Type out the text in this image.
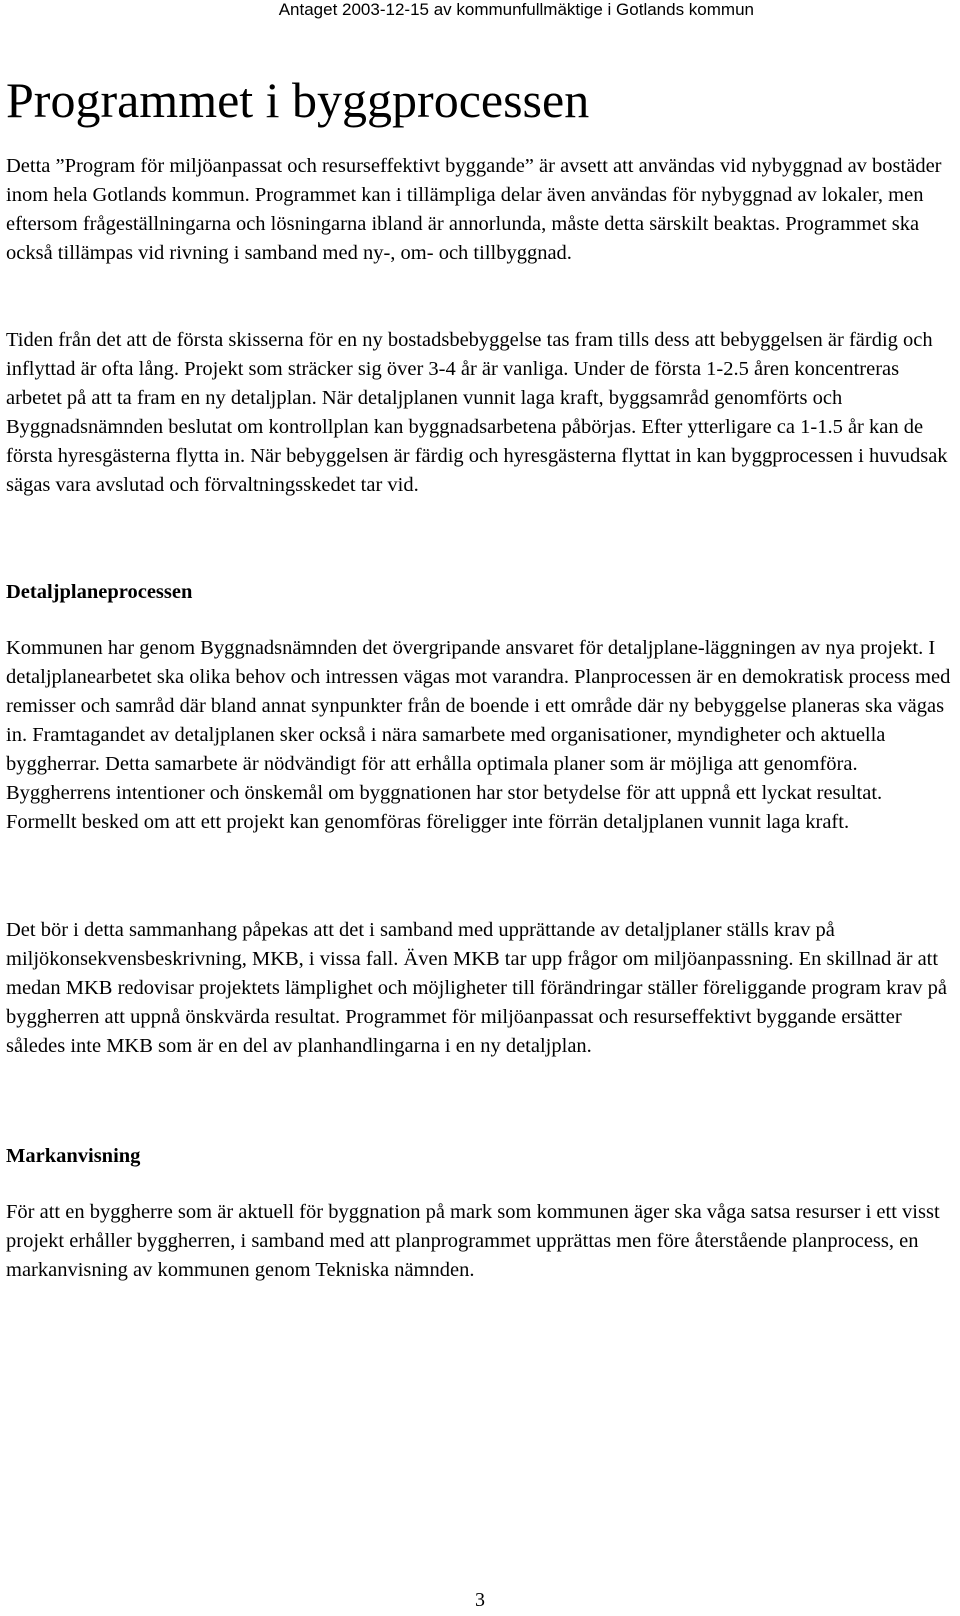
Antaget 2003-12-15 av kommunfullmäktige i Gotlands kommun
Programmet i byggprocessen

Detta ”Program för miljöanpassat och resurseffektivt byggande” är avsett att användas vid nybyggnad av bostäder inom hela Gotlands kommun. Programmet kan i tillämpliga delar även användas för nybyggnad av lokaler, men eftersom frågeställningarna och lösningarna ibland är annorlunda, måste detta särskilt beaktas. Programmet ska också tillämpas vid rivning i samband med ny-, om- och tillbyggnad.

Tiden från det att de första skisserna för en ny bostadsbebyggelse tas fram tills dess att bebyggelsen är färdig och inflyttad är ofta lång. Projekt som sträcker sig över 3-4 år är vanliga. Under de första 1-2.5 åren koncentreras arbetet på att ta fram en ny detaljplan. När detaljplanen vunnit laga kraft, byggsamråd genomförts och Byggnadsnämnden beslutat om kontrollplan kan byggnadsarbetena påbörjas. Efter ytterligare ca 1-1.5 år kan de första hyresgästerna flytta in. När bebyggelsen är färdig och hyresgästerna flyttat in kan byggprocessen i huvudsak sägas vara avslutad och förvaltningsskedet tar vid.

Detaljplaneprocessen

Kommunen har genom Byggnadsnämnden det övergripande ansvaret för detaljplane-läggningen av nya projekt. I detaljplanearbetet ska olika behov och intressen vägas mot varandra. Planprocessen är en demokratisk process med remisser och samråd där bland annat synpunkter från de boende i ett område där ny bebyggelse planeras ska vägas in. Framtagandet av detaljplanen sker också i nära samarbete med organisationer, myndigheter och aktuella byggherrar. Detta samarbete är nödvändigt för att erhålla optimala planer som är möjliga att genomföra. Byggherrens intentioner och önskemål om byggnationen har stor betydelse för att uppnå ett lyckat resultat. Formellt besked om att ett projekt kan genomföras föreligger inte förrän detaljplanen vunnit laga kraft.

Det bör i detta sammanhang påpekas att det i samband med upprättande av detaljplaner ställs krav på miljökonsekvensbeskrivning, MKB, i vissa fall. Även MKB tar upp frågor om miljöanpassning. En skillnad är att medan MKB redovisar projektets lämplighet och möjligheter till förändringar ställer föreliggande program krav på byggherren att uppnå önskvärda resultat. Programmet för miljöanpassat och resurseffektivt byggande ersätter således inte MKB som är en del av planhandlingarna i en ny detaljplan.

Markanvisning

För att en byggherre som är aktuell för byggnation på mark som kommunen äger ska våga satsa resurser i ett visst projekt erhåller byggherren, i samband med att planprogrammet upprättas men före återstående planprocess, en markanvisning av kommunen genom Tekniska nämnden.

3
